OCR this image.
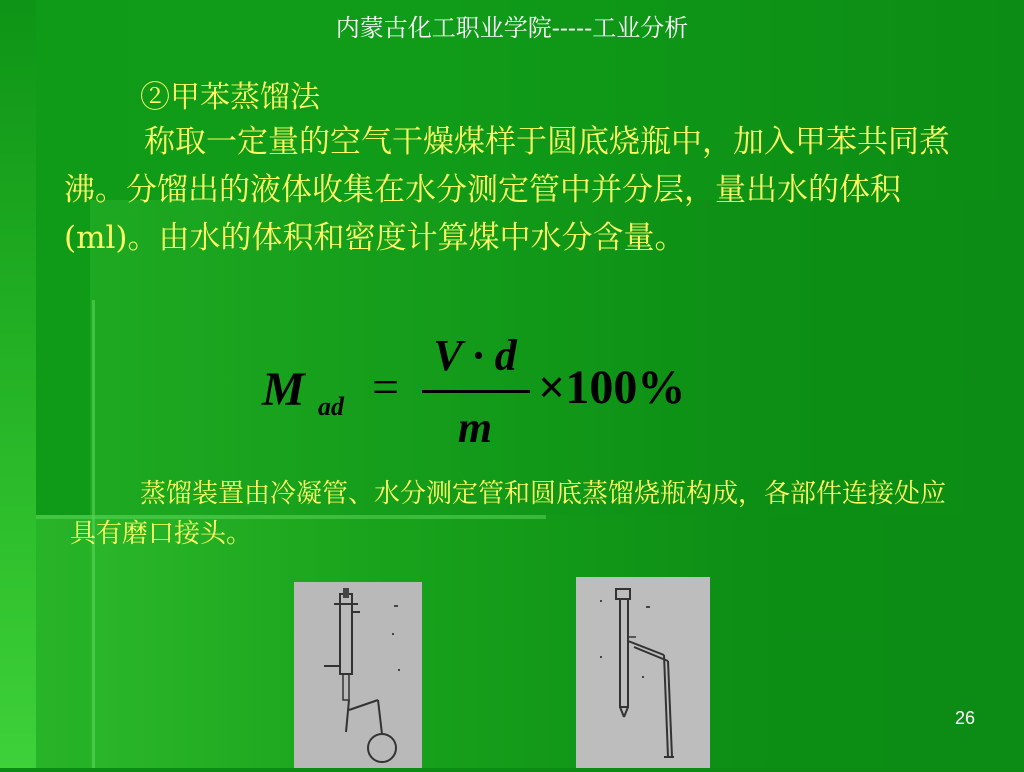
内蒙古化工职业学院-----工业分析
②甲苯蒸馏法
称取一定量的空气干燥煤样于圆底烧瓶中，加入甲苯共同煮沸。分馏出的液体收集在水分测定管中并分层，量出水的体积(ml)。由水的体积和密度计算煤中水分含量。
M ad =
V · d
m
×100%
蒸馏装置由冷凝管、水分测定管和圆底蒸馏烧瓶构成，各部件连接处应具有磨口接头。
26
